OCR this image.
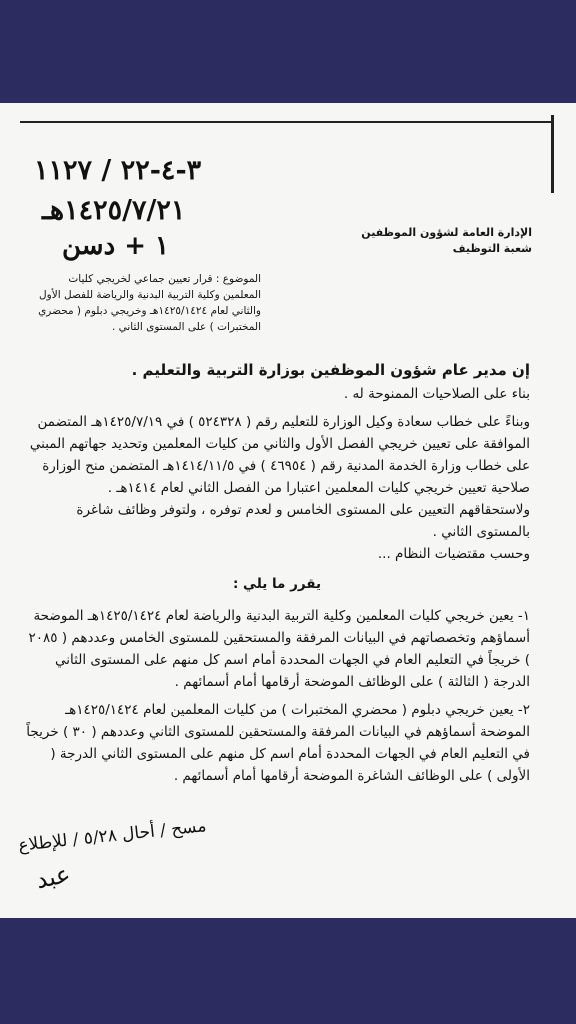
٣-٤-٢٢ / ١١٢٧
١٤٢٥/٧/٢١هـ
١ + دسن	الإدارة العامة لشؤون الموظفين
شعبة التوظيف
الموضوع : قرار تعيين جماعي لخريجي كليات المعلمين وكلية التربية البدنية والرياضة للفصل الأول والثاني لعام ١٤٢٥/١٤٢٤هـ وخريجي دبلوم ( محضري المختبرات ) على المستوى الثاني .

إن مدير عام شؤون الموظفين بوزارة التربية والتعليم .

بناء على الصلاحيات الممنوحة له .

وبناءً على خطاب سعادة وكيل الوزارة للتعليم رقم ( ٥٢٤٣٢٨ ) في ١٤٢٥/٧/١٩هـ المتضمن الموافقة على تعيين خريجي الفصل الأول والثاني من كليات المعلمين وتحديد جهاتهم المبني على خطاب وزارة الخدمة المدنية رقم ( ٤٦٩٥٤ ) في ١٤١٤/١١/٥هـ المتضمن منح الوزارة صلاحية تعيين خريجي كليات المعلمين اعتبارا من الفصل الثاني لعام ١٤١٤هـ .

ولاستحقاقهم التعيين على المستوى الخامس و لعدم توفره ، ولتوفر وظائف شاغرة بالمستوى الثاني .

وحسب مقتضيات النظام ...

يقرر ما يلي :

١- يعين خريجي كليات المعلمين وكلية التربية البدنية والرياضة لعام ١٤٢٥/١٤٢٤هـ الموضحة أسماؤهم وتخصصاتهم في البيانات المرفقة والمستحقين للمستوى الخامس وعددهم ( ٢٠٨٥ ) خريجاً في التعليم العام في الجهات المحددة أمام اسم كل منهم على المستوى الثاني الدرجة ( الثالثة ) على الوظائف الموضحة أرقامها أمام أسمائهم .

٢- يعين خريجي دبلوم ( محضري المختبرات ) من كليات المعلمين لعام ١٤٢٥/١٤٢٤هـ الموضحة أسماؤهم في البيانات المرفقة والمستحقين للمستوى الثاني وعددهم ( ٣٠ ) خريجاً في التعليم العام في الجهات المحددة أمام اسم كل منهم على المستوى الثاني الدرجة ( الأولى ) على الوظائف الشاغرة الموضحة أرقامها أمام أسمائهم .

مسح / أحال ٥/٢٨ / للإطلاع
عبد
